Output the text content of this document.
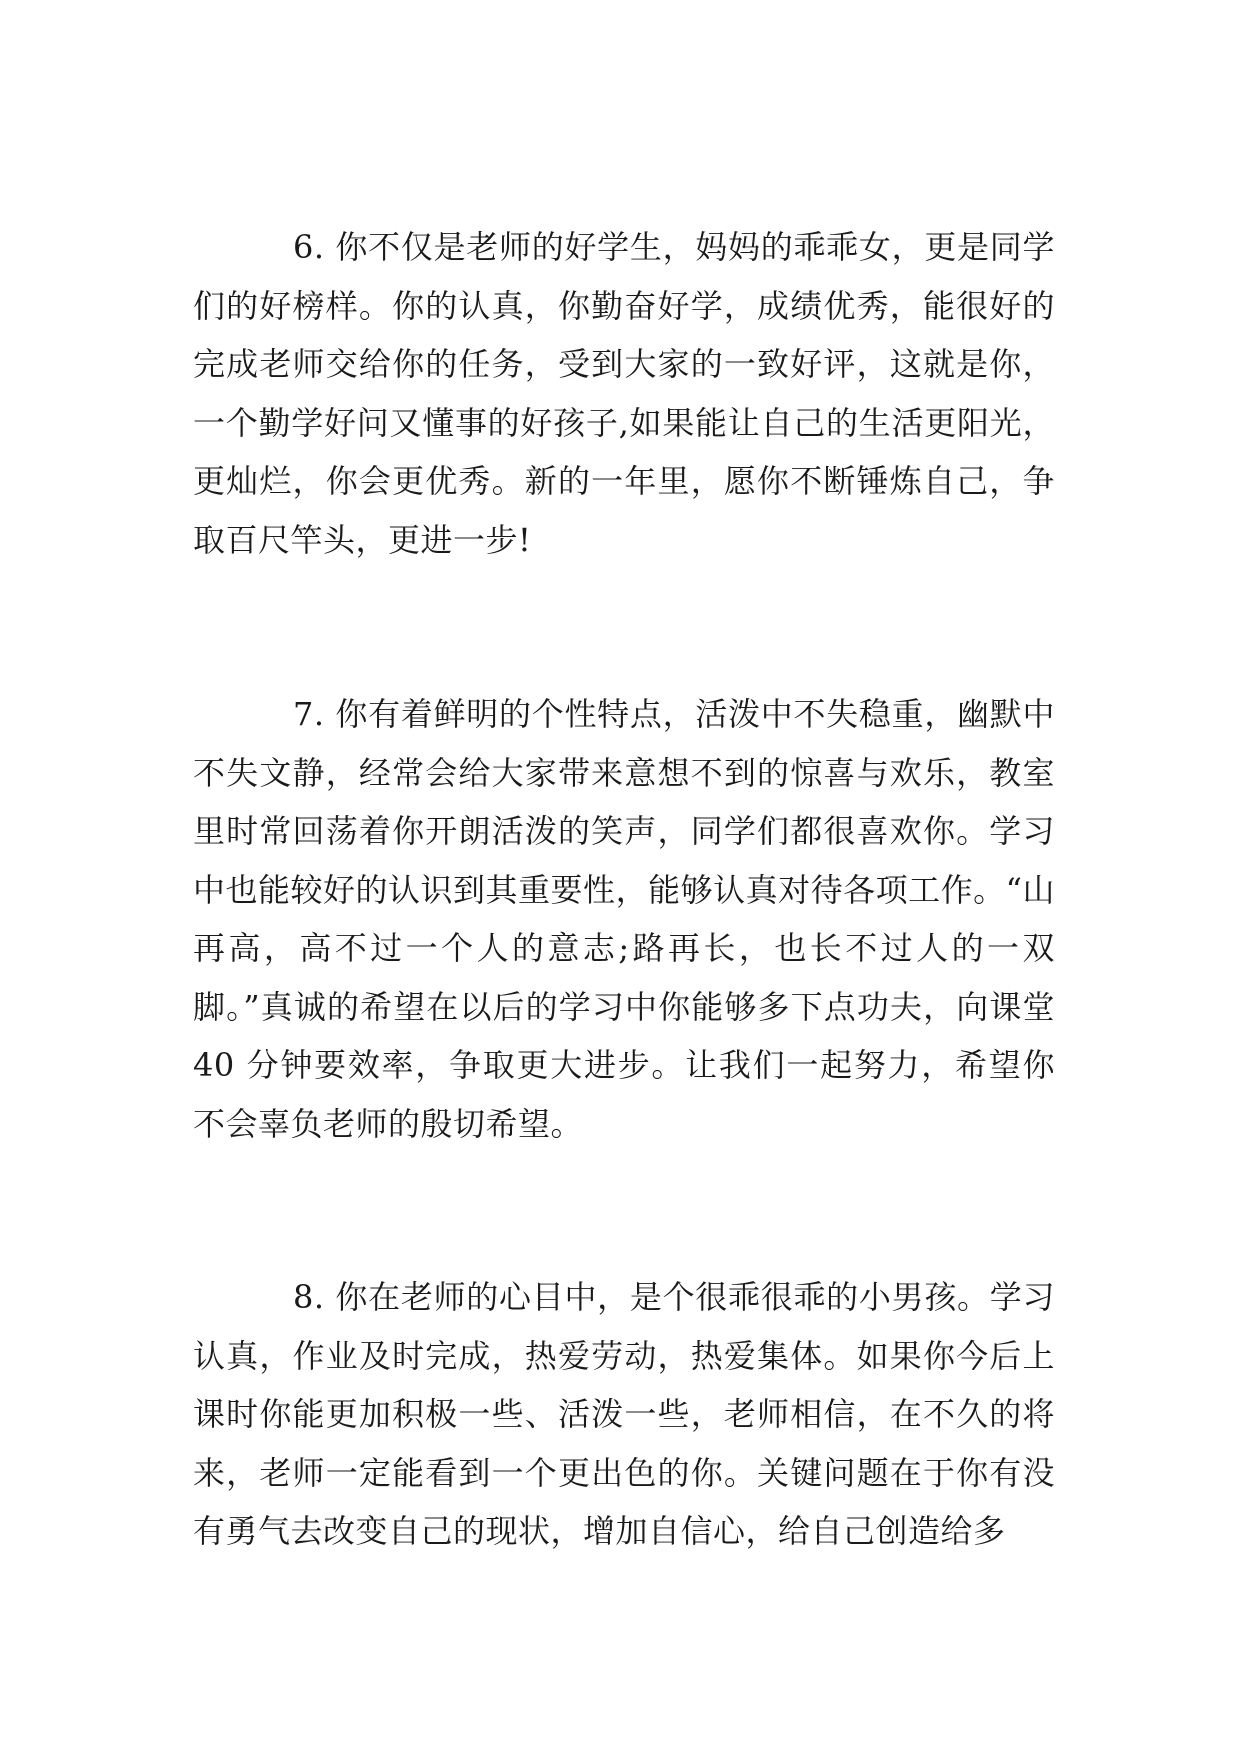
6. 你不仅是老师的好学生，妈妈的乖乖女，更是同学们的好榜样。你的认真，你勤奋好学，成绩优秀，能很好的完成老师交给你的任务，受到大家的一致好评，这就是你，一个勤学好问又懂事的好孩子,如果能让自己的生活更阳光，更灿烂，你会更优秀。新的一年里，愿你不断锤炼自己，争取百尺竿头，更进一步!

7. 你有着鲜明的个性特点，活泼中不失稳重，幽默中不失文静，经常会给大家带来意想不到的惊喜与欢乐，教室里时常回荡着你开朗活泼的笑声，同学们都很喜欢你。学习中也能较好的认识到其重要性，能够认真对待各项工作。“山再高，高不过一个人的意志;路再长，也长不过人的一双脚。”真诚的希望在以后的学习中你能够多下点功夫，向课堂 40 分钟要效率，争取更大进步。让我们一起努力，希望你不会辜负老师的殷切希望。

8. 你在老师的心目中，是个很乖很乖的小男孩。学习认真，作业及时完成，热爱劳动，热爱集体。如果你今后上课时你能更加积极一些、活泼一些，老师相信，在不久的将来，老师一定能看到一个更出色的你。关键问题在于你有没有勇气去改变自己的现状，增加自信心，给自己创造给多
